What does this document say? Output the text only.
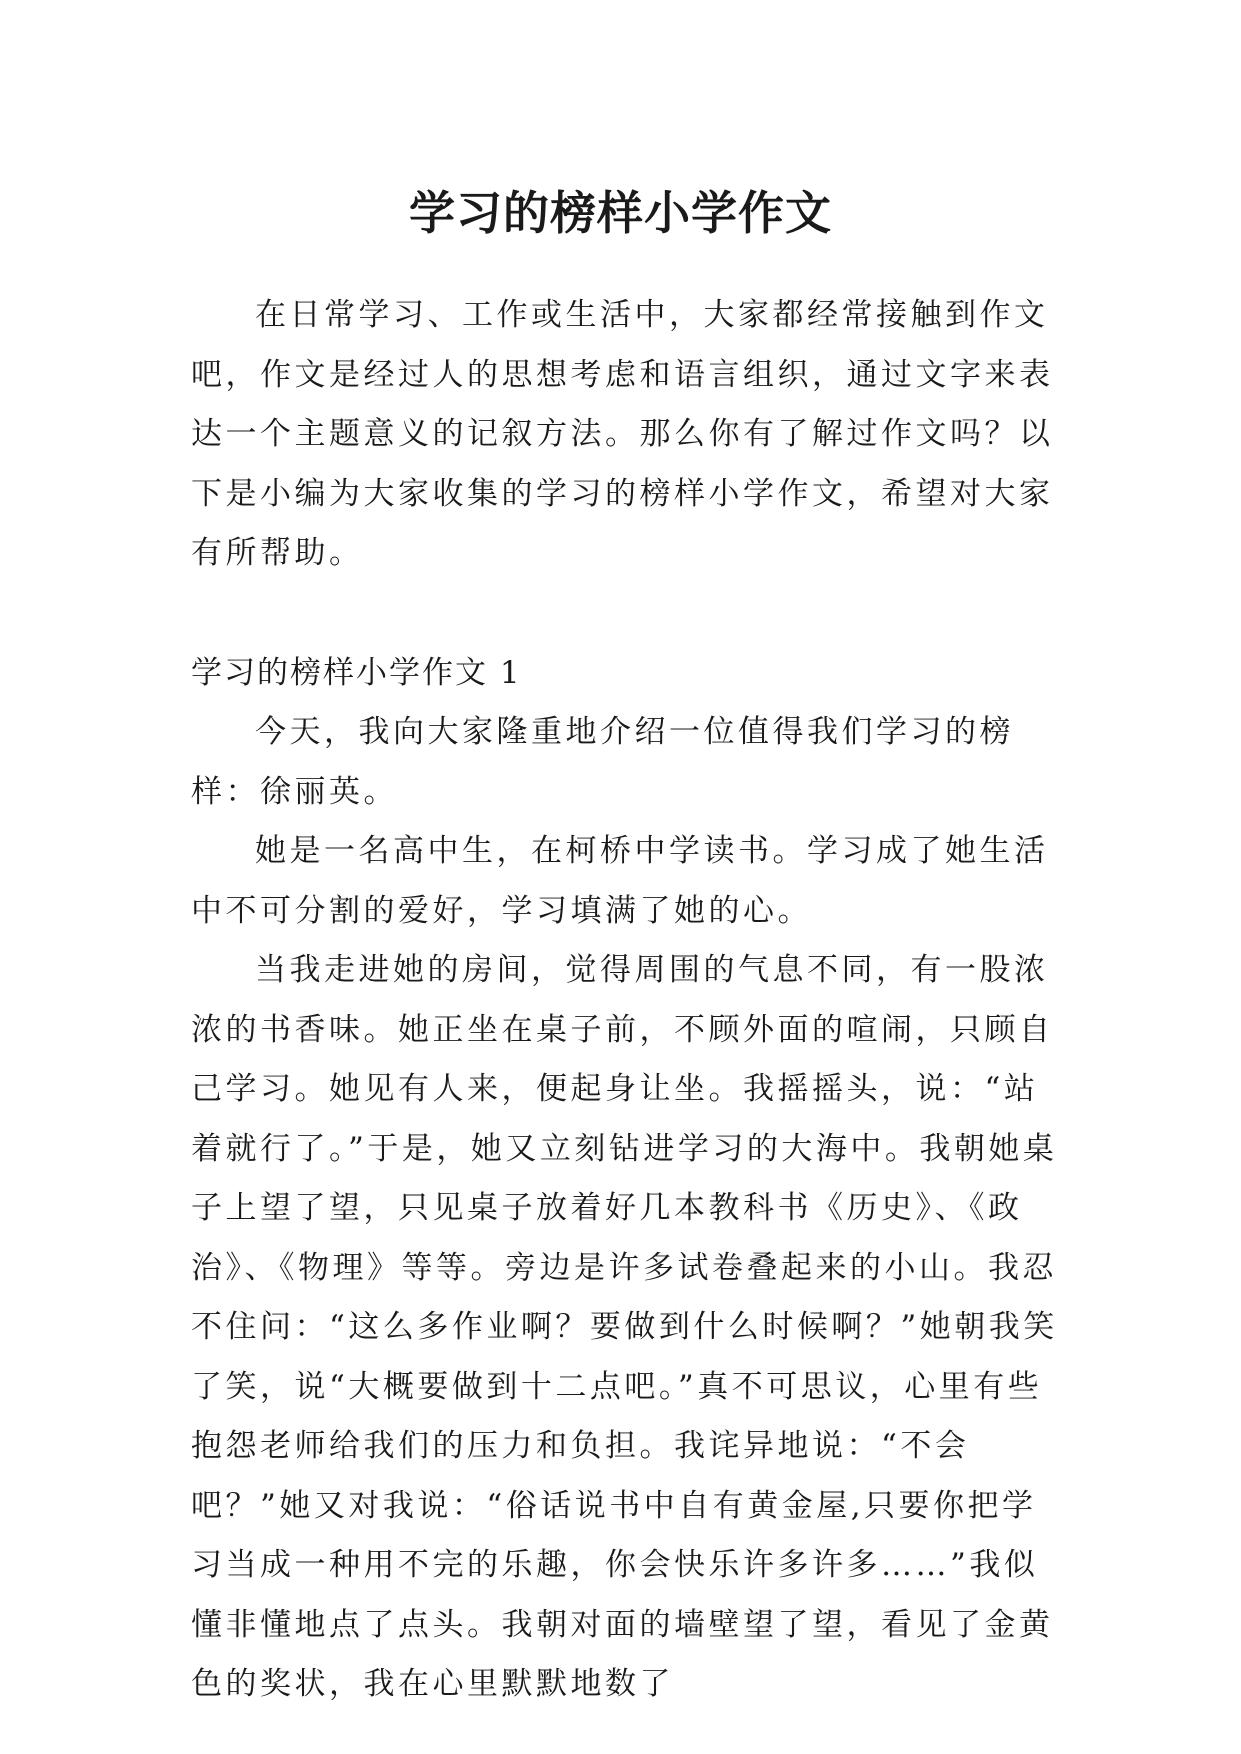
学习的榜样小学作文

在日常学习、工作或生活中，大家都经常接触到作文吧，作文是经过人的思想考虑和语言组织，通过文字来表达一个主题意义的记叙方法。那么你有了解过作文吗？以下是小编为大家收集的学习的榜样小学作文，希望对大家有所帮助。

学习的榜样小学作文 1

今天，我向大家隆重地介绍一位值得我们学习的榜样：徐丽英。

她是一名高中生，在柯桥中学读书。学习成了她生活中不可分割的爱好，学习填满了她的心。

当我走进她的房间，觉得周围的气息不同，有一股浓浓的书香味。她正坐在桌子前，不顾外面的喧闹，只顾自己学习。她见有人来，便起身让坐。我摇摇头，说：“站着就行了。”于是，她又立刻钻进学习的大海中。我朝她桌子上望了望，只见桌子放着好几本教科书《历史》、《政治》、《物理》等等。旁边是许多试卷叠起来的小山。我忍不住问：“这么多作业啊？要做到什么时候啊？”她朝我笑了笑，说“大概要做到十二点吧。”真不可思议，心里有些抱怨老师给我们的压力和负担。我诧异地说：“不会吧？”她又对我说：“俗话说书中自有黄金屋,只要你把学习当成一种用不完的乐趣，你会快乐许多许多……”我似懂非懂地点了点头。我朝对面的墙壁望了望，看见了金黄色的奖状，我在心里默默地数了
